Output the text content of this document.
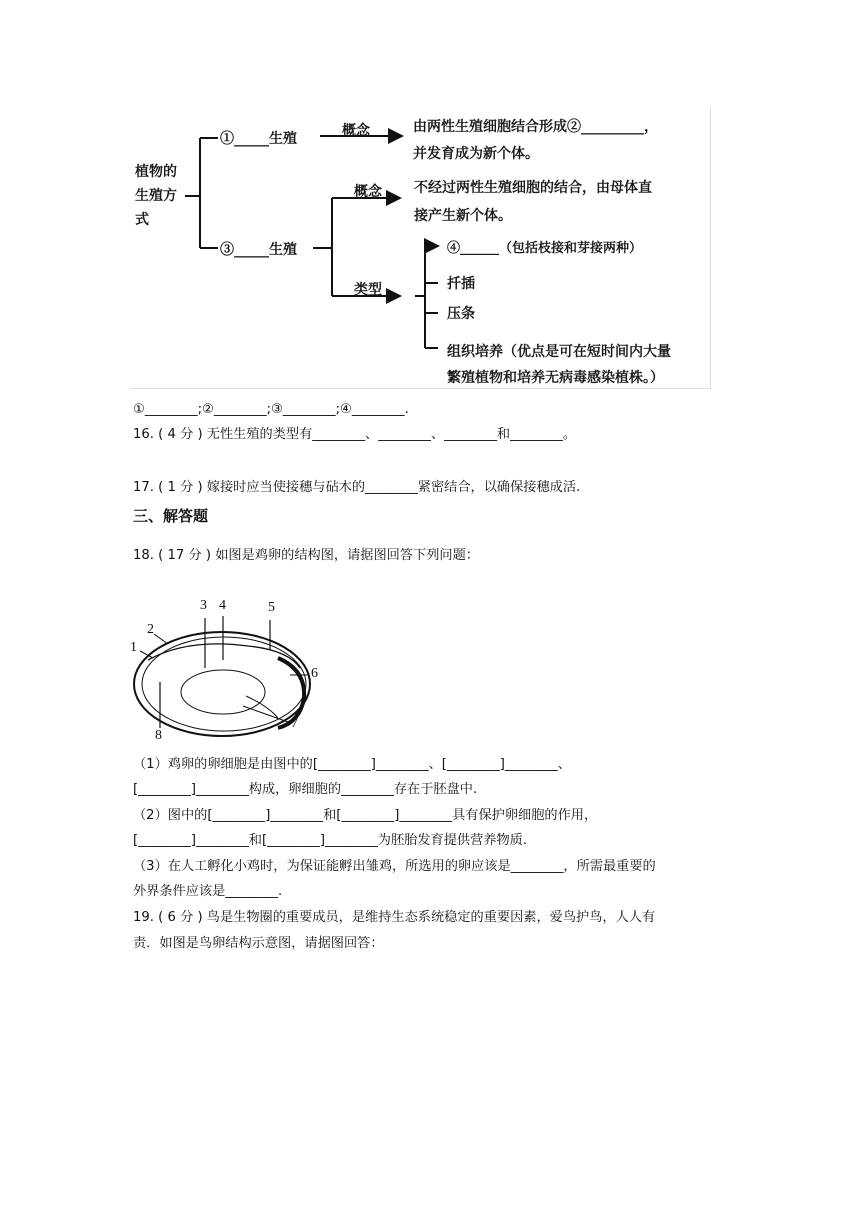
植物的
生殖方
式
①_____生殖	概念	由两性生殖细胞结合形成②_________，
并发育成为新个体。
③_____生殖
概念 不经过两性生殖细胞的结合，由母体直
接产生新个体。
类型
④______（包括枝接和芽接两种）
扦插
压条
组织培养（优点是可在短时间内大量
繁殖植物和培养无病毒感染植株。）
①________;②________;③________;④________.
16. ( 4 分 ) 无性生殖的类型有________、________、________和________。
17. ( 1 分 ) 嫁接时应当使接穗与砧木的________紧密结合，以确保接穗成活.
三、解答题
18. ( 17 分 ) 如图是鸡卵的结构图，请据图回答下列问题：
1
2
3 4	5
6
7
8
（1）鸡卵的卵细胞是由图中的[________]________、[________]________、
[________]________构成，卵细胞的________存在于胚盘中.
（2）图中的[________]________和[________]________具有保护卵细胞的作用，
[________]________和[________]________为胚胎发育提供营养物质.
（3）在人工孵化小鸡时，为保证能孵出雏鸡，所选用的卵应该是________，所需最重要的
外界条件应该是________.
19. ( 6 分 ) 鸟是生物圈的重要成员，是维持生态系统稳定的重要因素，爱鸟护鸟，人人有
责．如图是鸟卵结构示意图，请据图回答：
